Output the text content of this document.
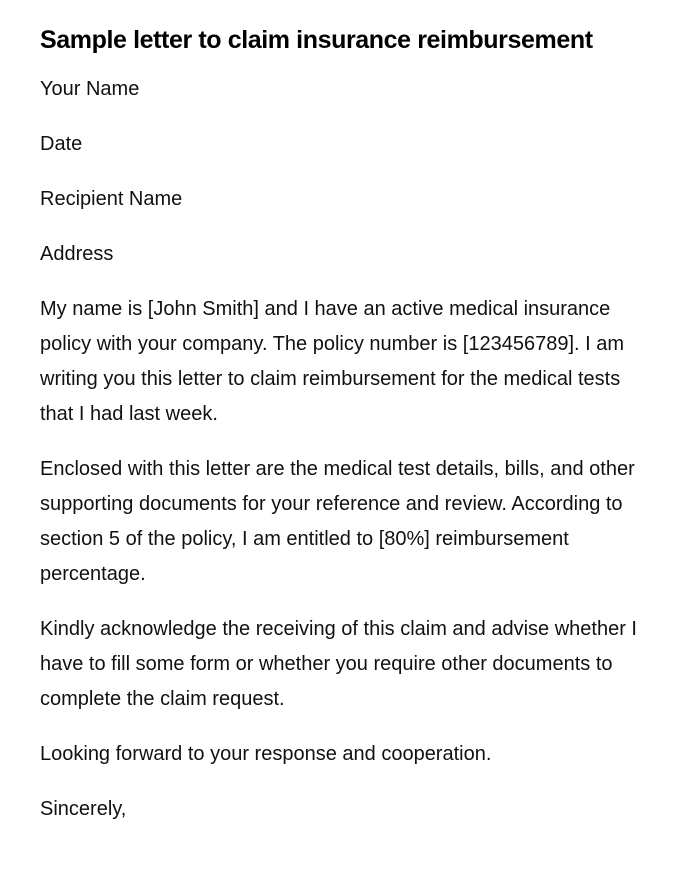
Sample letter to claim insurance reimbursement

Your Name

Date

Recipient Name

Address

My name is [John Smith] and I have an active medical insurance policy with your company. The policy number is [123456789]. I am writing you this letter to claim reimbursement for the medical tests that I had last week.

Enclosed with this letter are the medical test details, bills, and other supporting documents for your reference and review. According to section 5 of the policy, I am entitled to [80%] reimbursement percentage.

Kindly acknowledge the receiving of this claim and advise whether I have to fill some form or whether you require other documents to complete the claim request.

Looking forward to your response and cooperation.

Sincerely,
